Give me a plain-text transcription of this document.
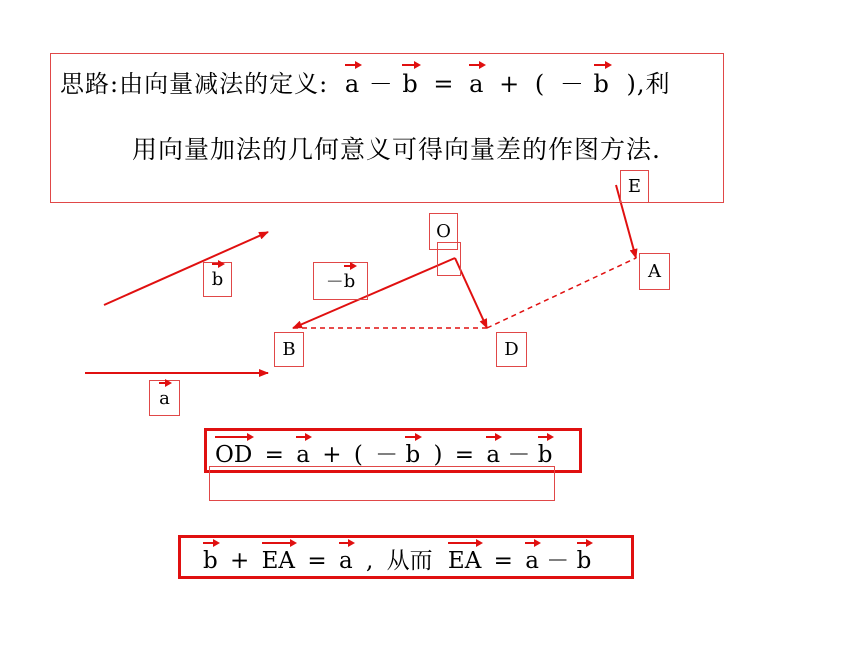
思路:由向量减法的定义: a － b = a + ( － b ),利
用向量加法的几何意义可得向量差的作图方法.
E
O
A
B	D
b	－ b
a
OD = a + ( － b ) = a － b
b + EA = a , 从而 EA = a － b
